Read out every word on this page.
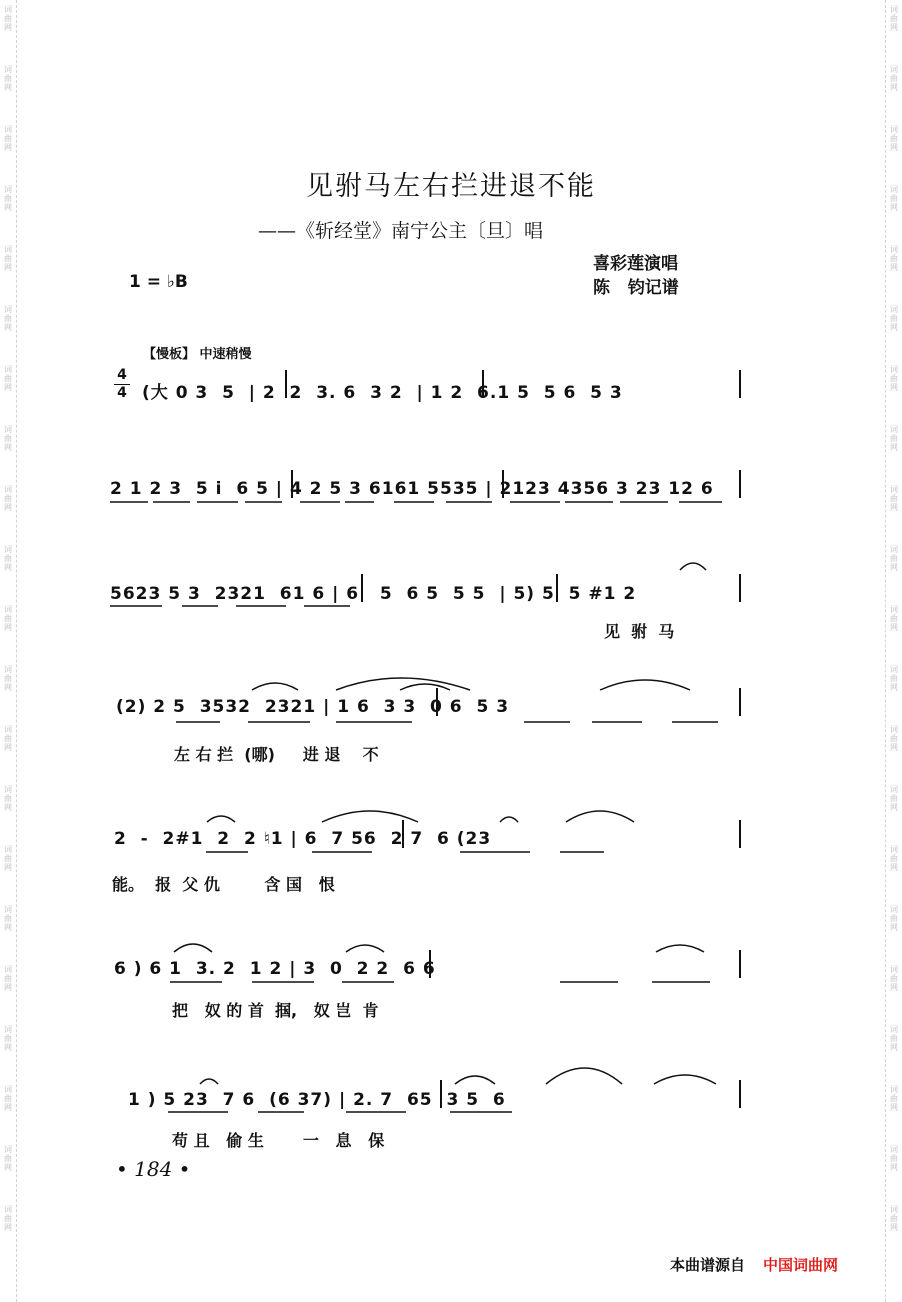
词
曲
网
词
曲
网
词
曲
网
词
曲
网
词
曲
网
词
曲
网
词
曲
网
词
曲
网
词
曲
网
词
曲
网
词
曲
网
词
曲
网
词
曲
网
词
曲
网
词
曲
网
词
曲
网
词
曲
网
词
曲
网
词
曲
网
词
曲
网
词
曲
网
词
曲
网
词
曲
网
词
曲
网
词
曲
网
词
曲
网
词
曲
网
词
曲
网
词
曲
网
词
曲
网
词
曲
网
词
曲
网
词
曲
网
词
曲
网
词
曲
网
词
曲
网
词
曲
网
词
曲
网
词
曲
网
词
曲
网
词
曲
网
词
曲
网
见驸马左右拦进退不能
——《斩经堂》南宁公主〔旦〕唱
喜彩莲演唱
陈   钧记谱
1 = ♭B
【慢板】 中速稍慢
4
4 (大 0 3  5  | 2  2  3. 6  3 2  | 1 2  6.1 5  5 6  5 3
2 1 2 3  5 i  6 5 | 4 2 5 3 6161 5535 | 2123 4356 3 23 12 6
5623 5 3  2321  61 6 | 6   5  6 5  5 5  | 5) 5  5 #1 2
见  驸  马
(2) 2 5  3532  2321 | 1 6  3 3  0 6  5 3
左 右 拦  (哪)     进 退    不
2  -  2#1  2  2 ♮1 | 6  7 56  2 7  6 (23
能。  报  父 仇        含 国   恨
6 ) 6 1  3. 2  1 2 | 3  0  2 2  6 6
把   奴 的 首  掴,   奴 岂  肯
1 ) 5 23  7 6  (6 37) | 2. 7  65  3 5  6
苟 且   偷 生       一   息   保
• 184 •
本曲谱源自 中国词曲网
